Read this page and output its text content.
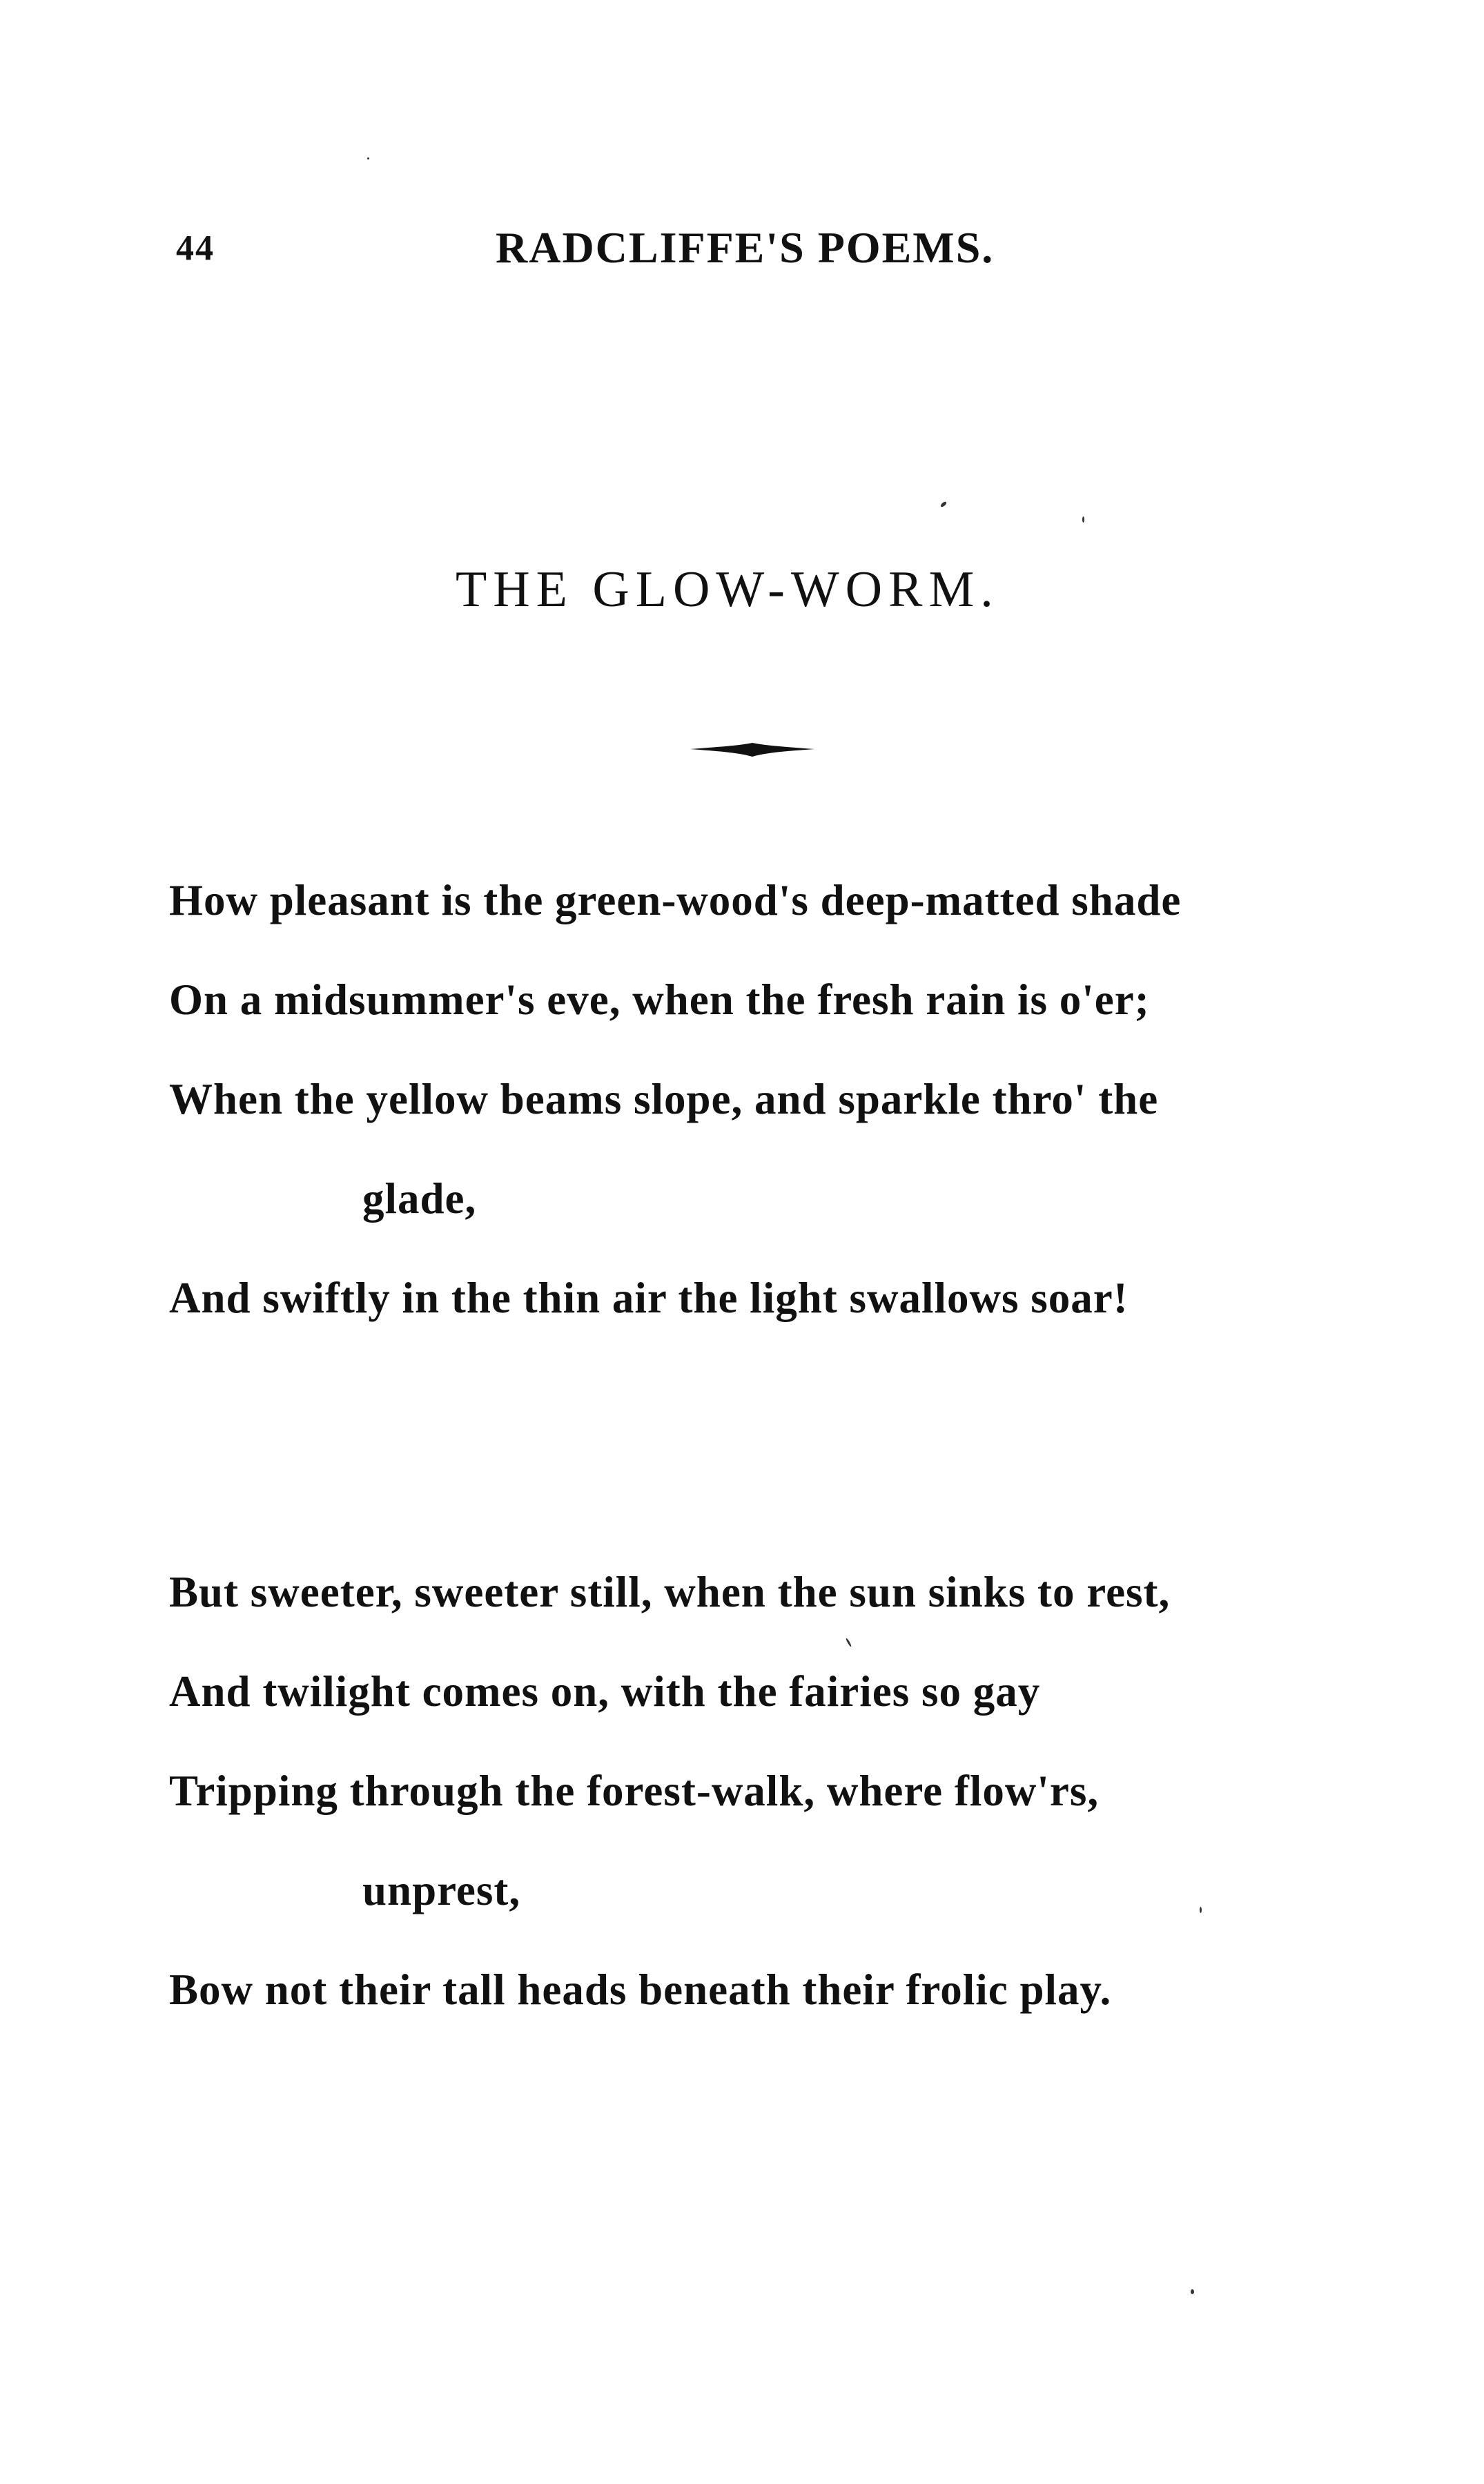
44	RADCLIFFE'S POEMS.
THE GLOW-WORM.
How pleasant is the green-wood's deep-matted shade
On a midsummer's eve, when the fresh rain is o'er;
When the yellow beams slope, and sparkle thro' the
glade,
And swiftly in the thin air the light swallows soar!
But sweeter, sweeter still, when the sun sinks to rest,
And twilight comes on, with the fairies so gay
Tripping through the forest-walk, where flow'rs,
unprest,
Bow not their tall heads beneath their frolic play.
